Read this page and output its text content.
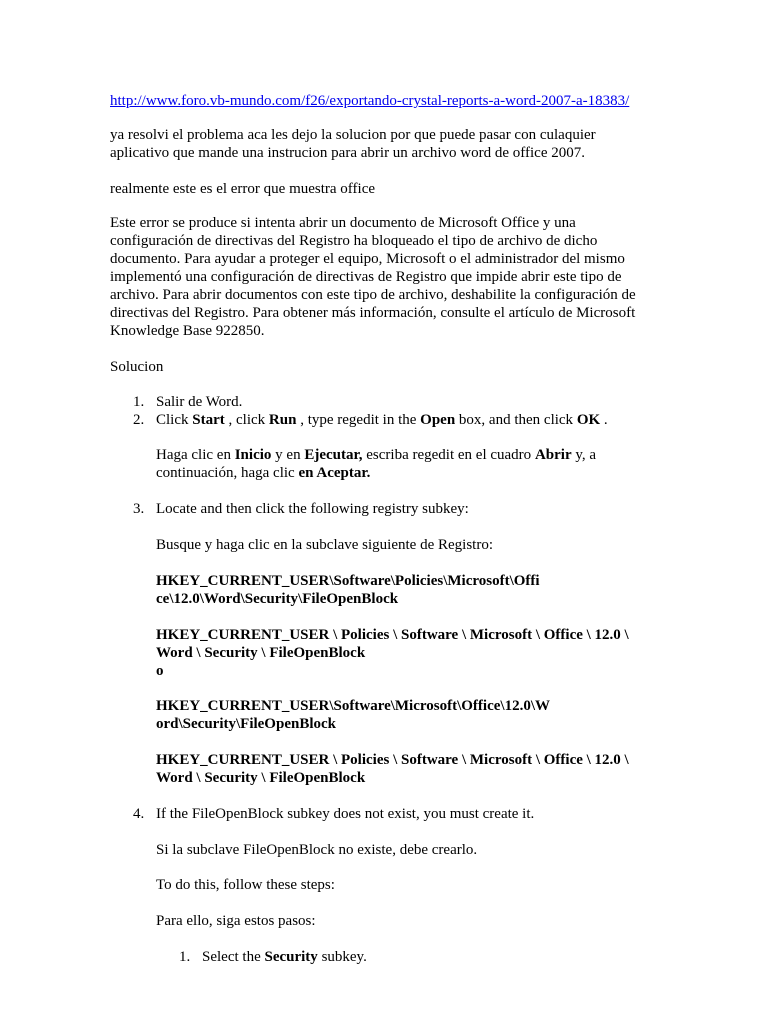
http://www.foro.vb-mundo.com/f26/exportando-crystal-reports-a-word-2007-a-18383/

ya resolvi el problema aca les dejo la solucion por que puede pasar con culaquier aplicativo que mande una instrucion para abrir un archivo word de office 2007.

realmente este es el error que muestra office

Este error se produce si intenta abrir un documento de Microsoft Office y una configuración de directivas del Registro ha bloqueado el tipo de archivo de dicho documento. Para ayudar a proteger el equipo, Microsoft o el administrador del mismo implementó una configuración de directivas de Registro que impide abrir este tipo de archivo. Para abrir documentos con este tipo de archivo, deshabilite la configuración de directivas del Registro. Para obtener más información, consulte el artículo de Microsoft Knowledge Base 922850.

Solucion

1. Salir de Word.

2. Click Start , click Run , type regedit in the Open box, and then click OK .

Haga clic en Inicio y en Ejecutar, escriba regedit en el cuadro Abrir y, a continuación, haga clic en Aceptar.

3. Locate and then click the following registry subkey:

Busque y haga clic en la subclave siguiente de Registro:

HKEY_CURRENT_USER\Software\Policies\Microsoft\Offi ce\12.0\Word\Security\FileOpenBlock

HKEY_CURRENT_USER \ Policies \ Software \ Microsoft \ Office \ 12.0 \ Word \ Security \ FileOpenBlock

o

HKEY_CURRENT_USER\Software\Microsoft\Office\12.0\W ord\Security\FileOpenBlock

HKEY_CURRENT_USER \ Policies \ Software \ Microsoft \ Office \ 12.0 \ Word \ Security \ FileOpenBlock

4. If the FileOpenBlock subkey does not exist, you must create it.

Si la subclave FileOpenBlock no existe, debe crearlo.

To do this, follow these steps:

Para ello, siga estos pasos:

1. Select the Security subkey.
